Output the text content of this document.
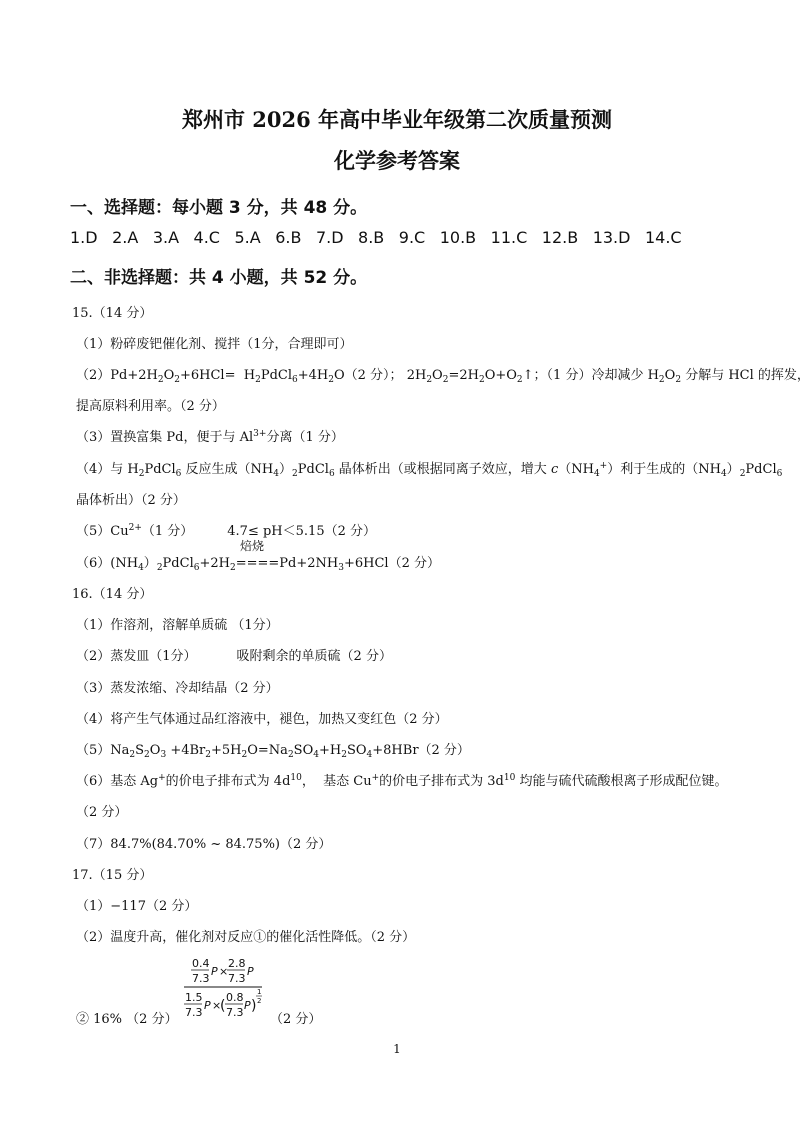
郑州市 2026 年高中毕业年级第二次质量预测
化学参考答案
一、选择题：每小题 3 分，共 48 分。
1.D 2.A 3.A 4.C 5.A 6.B 7.D 8.B 9.C 10.B 11.C 12.B 13.D 14.C
二、非选择题：共 4 小题，共 52 分。
15.（14 分）
（1）粉碎废钯催化剂、搅拌（1分，合理即可）
$(2)Pd+2H_2O_2+6HCl=$  $H_2PdCl_6+4H_2O(2$ 分）； $2H_2O_2=2H_2O+O_2↑$；（1 分）冷却减少 $H_2O_2$ 分解与 HCl 的挥发，
提高原料利用率。（2 分）
（3）置换富集 Pd，便于与 $Al^{3+}$分离（1 分）
（4）与 $H_2PdCl_6$ 反应生成$(NH_4)_2PdCl_6$ 晶体析出（或根据同离子效应，增大 $c(NH_4^+)$利于生成的$(NH_4)_2PdCl_6$
晶体析出）（2 分）
$(5)Cu^{2+}(1$ 分）	4.7≤ pH＜5.15（2 分）
焙烧
$(6)(NH_4)_2PdCl_6+2H_2====Pd+2NH_3+6HCl(2$ 分）
16.（14 分）
（1）作溶剂，溶解单质硫 （1分）
（2）蒸发皿（1分）	吸附剩余的单质硫（2 分）
（3）蒸发浓缩、冷却结晶（2 分）
（4）将产生气体通过品红溶液中，褪色，加热又变红色（2 分）
$(5)Na_2S_2O_3 +4Br_2+5H_2O=Na_2SO_4+H_2SO_4+8HBr(2$ 分）
（6）基态 Ag+的价电子排布式为 $4d^{10}$，  基态 Cu+的价电子排布式为 $3d^{10}$ 均能与硫代硫酸根离子形成配位键。
（2 分）
（7）84.7%(84.70% ~ 84.75%)（2 分）
17.（15 分）
（1）−117（2 分）
（2）温度升高，催化剂对反应①的催化活性降低。（2 分）
② 16% （2 分）	（2 分）
0.4
7.3
P ×
2.8
7.3
P
1.5
7.3
P ×
(
0.8
7.3
P )
1
2
1
